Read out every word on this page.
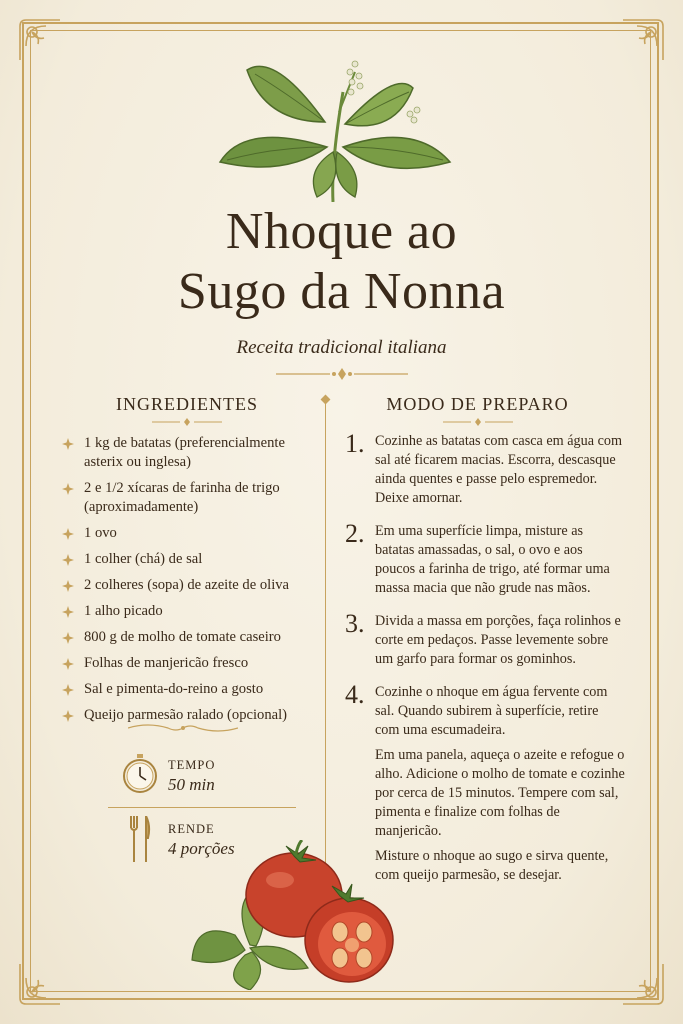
Nhoque ao
Sugo da Nonna
Receita tradicional italiana
INGREDIENTES
1 kg de batatas (preferencialmente asterix ou inglesa)
2 e 1/2 xícaras de farinha de trigo (aproximadamente)
1 ovo
1 colher (chá) de sal
2 colheres (sopa) de azeite de oliva
1 alho picado
800 g de molho de tomate caseiro
Folhas de manjericão fresco
Sal e pimenta-do-reino a gosto
Queijo parmesão ralado (opcional)
TEMPO
50 min
RENDE
4 porções
MODO DE PREPARO
1. Cozinhe as batatas com casca em água com sal até ficarem macias. Escorra, descasque ainda quentes e passe pelo espremedor. Deixe amornar.

2. Em uma superfície limpa, misture as batatas amassadas, o sal, o ovo e aos poucos a farinha de trigo, até formar uma massa macia que não grude nas mãos.

3. Divida a massa em porções, faça rolinhos e corte em pedaços. Passe levemente sobre um garfo para formar os gominhos.

4. Cozinhe o nhoque em água fervente com sal. Quando subirem à superfície, retire com uma escumadeira.

Em uma panela, aqueça o azeite e refogue o alho. Adicione o molho de tomate e cozinhe por cerca de 15 minutos. Tempere com sal, pimenta e finalize com folhas de manjericão.

Misture o nhoque ao sugo e sirva quente, com queijo parmesão, se desejar.
